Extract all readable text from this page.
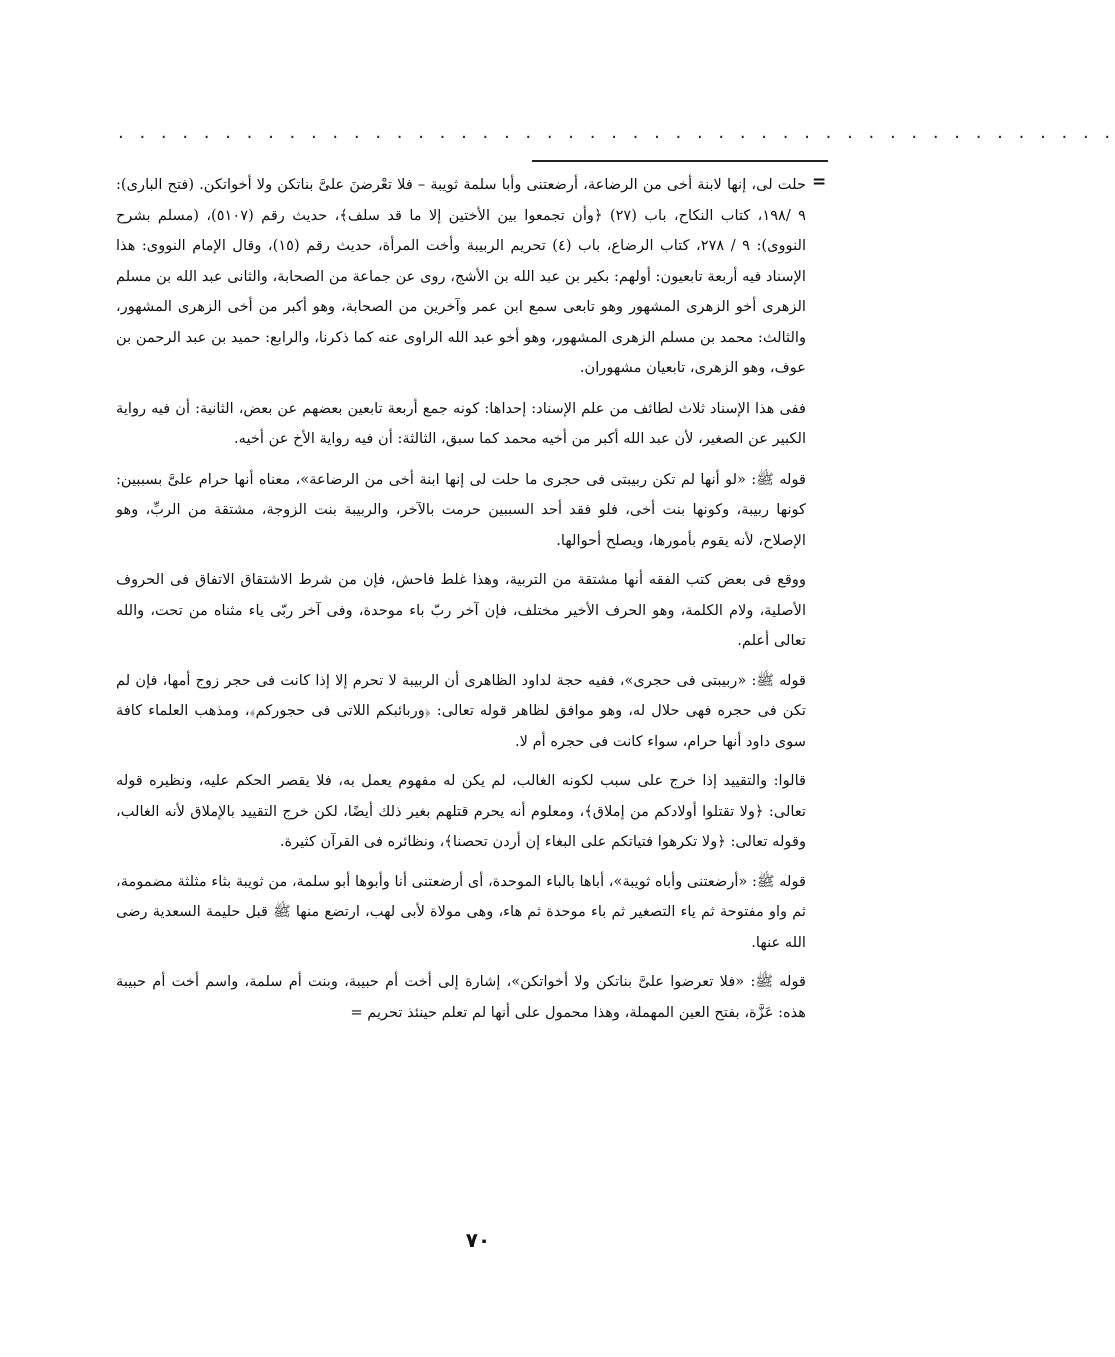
. . . . . . . . . . . . . . . . . . . . . . . . . . . . . . . . . . . . . . . . . . . . . . .
=

حلت لى، إنها لابنة أخى من الرضاعة، أرضعتنى وأبا سلمة ثويبة – فلا تعْرضنَ علىَّ بناتكن ولا أخواتكن. (فتح البارى): ٩ /١٩٨، كتاب النكاح، باب (٢٧) ﴿وأن تجمعوا بين الأختين إلا ما قد سلف﴾، حديث رقم (٥١٠٧)، (مسلم بشرح النووى): ٩ / ٢٧٨، كتاب الرضاع، باب (٤) تحريم الربيبة وأخت المرأة، حديث رقم (١٥)، وقال الإمام النووى: هذا الإسناد فيه أربعة تابعيون: أولهم: بكير بن عبد الله بن الأشج، روى عن جماعة من الصحابة، والثانى عبد الله بن مسلم الزهرى أخو الزهرى المشهور وهو تابعى سمع ابن عمر وآخرين من الصحابة، وهو أكبر من أخى الزهرى المشهور، والثالث: محمد بن مسلم الزهرى المشهور، وهو أخو عبد الله الراوى عنه كما ذكرنا، والرابع: حميد بن عبد الرحمن بن عوف، وهو الزهرى، تابعيان مشهوران.

ففى هذا الإسناد ثلاث لطائف من علم الإسناد: إحداها: كونه جمع أربعة تابعين بعضهم عن بعض، الثانية: أن فيه رواية الكبير عن الصغير، لأن عبد الله أكبر من أخيه محمد كما سبق، الثالثة: أن فيه رواية الأخ عن أخيه.

قوله ﷺ: «لو أنها لم تكن ربيبتى فى حجرى ما حلت لى إنها ابنة أخى من الرضاعة»، معناه أنها حرام علىَّ بسببين: كونها ربيبة، وكونها بنت أخى، فلو فقد أحد السببين حرمت بالآخر، والربيبة بنت الزوجة، مشتقة من الربِّ، وهو الإصلاح، لأنه يقوم بأمورها، ويصلح أحوالها.

ووقع فى بعض كتب الفقه أنها مشتقة من التربية، وهذا غلط فاحش، فإن من شرط الاشتقاق الاتفاق فى الحروف الأصلية، ولام الكلمة، وهو الحرف الأخير مختلف، فإن آخر ربّ باء موحدة، وفى آخر ربّى ياء مثناه من تحت، والله تعالى أعلم.

قوله ﷺ: «ربيبتى فى حجرى»، ففيه حجة لداود الظاهرى أن الربيبة لا تحرم إلا إذا كانت فى حجر زوج أمها، فإن لم تكن فى حجره فهى حلال له، وهو موافق لظاهر قوله تعالى: ﴿وربائبكم اللاتى فى حجوركم﴾، ومذهب العلماء كافة سوى داود أنها حرام، سواء كانت فى حجره أم لا.

قالوا: والتقييد إذا خرج على سبب لكونه الغالب، لم يكن له مفهوم يعمل به، فلا يقصر الحكم عليه، ونظيره قوله تعالى: ﴿ولا تقتلوا أولادكم من إملاق﴾، ومعلوم أنه يحرم قتلهم بغير ذلك أيضًا، لكن خرج التقييد بالإملاق لأنه الغالب، وقوله تعالى: ﴿ولا تكرهوا فتياتكم على البغاء إن أردن تحصنا﴾، ونظائره فى القرآن كثيرة.

قوله ﷺ: «أرضعتنى وأباه ثويبة»، أباها بالباء الموحدة، أى أرضعتنى أنا وأبوها أبو سلمة، من ثويبة بثاء مثلثة مضمومة، ثم واو مفتوحة ثم ياء التصغير ثم باء موحدة ثم هاء، وهى مولاة لأبى لهب، ارتضع منها ﷺ قبل حليمة السعدية رضى الله عنها.

قوله ﷺ: «فلا تعرضوا علىَّ بناتكن ولا أخواتكن»، إشارة إلى أخت أم حبيبة، وبنت أم سلمة، واسم أخت أم حبيبة هذه: عَزَّة، بفتح العين المهملة، وهذا محمول على أنها لم تعلم حينئذ تحريم =

٧٠
